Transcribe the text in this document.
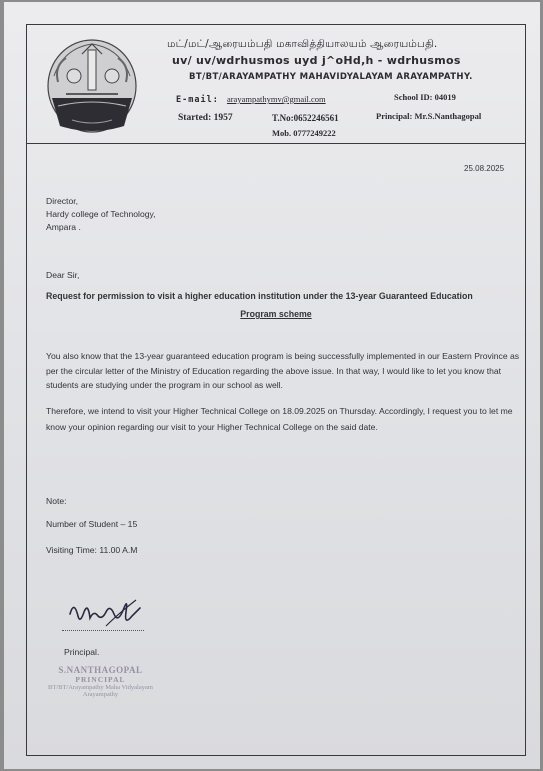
மட்/மட்/ஆரையம்பதி மகாவித்தியாலயம் ஆரையம்பதி.
uv/ uv/wdrhusmos uyd j^oHd,h - wdrhusmos
BT/BT/ARAYAMPATHY MAHAVIDYALAYAM ARAYAMPATHY.
E-mail: arayampathymv@gmail.com	School ID: 04019
Started: 1957	T.No:0652246561	Principal: Mr.S.Nanthagopal
Mob. 0777249222
25.08.2025
Director,
Hardy college of Technology,
Ampara .
Dear Sir,
Request for permission to visit a higher education institution under the 13-year Guaranteed Education
Program scheme
You also know that the 13-year guaranteed education program is being successfully implemented in our Eastern Province as per the circular letter of the Ministry of Education regarding the above issue. In that way, I would like to let you know that students are studying under the program in our school as well.
Therefore, we intend to visit your Higher Technical College on 18.09.2025 on Thursday. Accordingly, I request you to let me know your opinion regarding our visit to your Higher Technical College on the said date.
Note:
Number of Student – 15
Visiting Time: 11.00 A.M
Principal.
S.NANTHAGOPAL
PRINCIPAL
BT/BT/Arayampathy Maha Vidyalayam
Arayampathy
